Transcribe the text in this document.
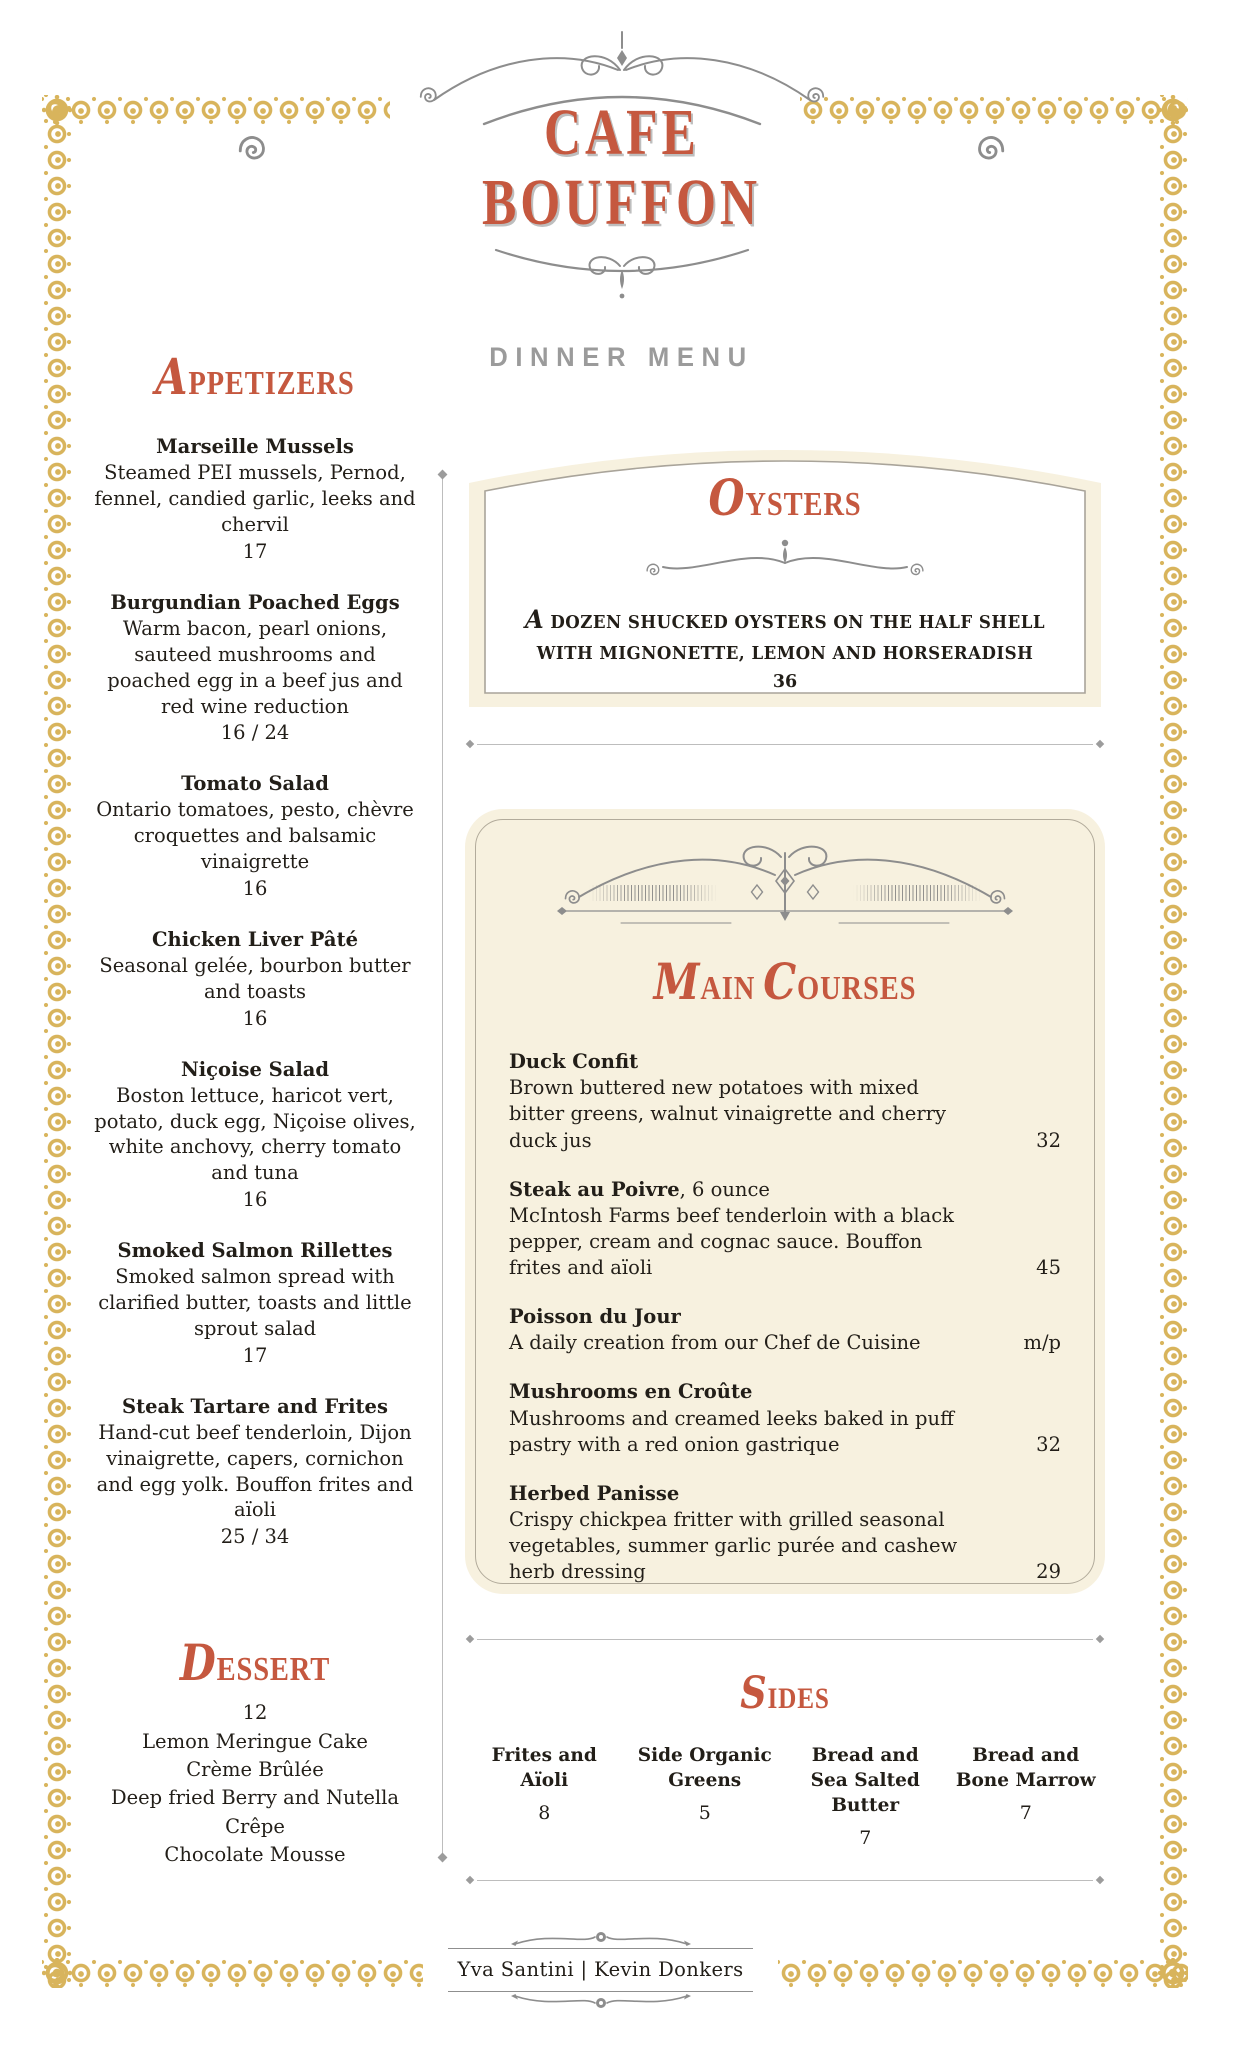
CAFE
BOUFFON
DINNER MENU
APPETIZERS
Marseille Mussels
Steamed PEI mussels, Pernod, fennel, candied garlic, leeks and chervil
17
Burgundian Poached Eggs
Warm bacon, pearl onions, sauteed mushrooms and poached egg in a beef jus and red wine reduction
16 / 24
Tomato Salad
Ontario tomatoes, pesto, chèvre croquettes and balsamic vinaigrette
16
Chicken Liver Pâté
Seasonal gelée, bourbon butter and toasts
16
Niçoise Salad
Boston lettuce, haricot vert, potato, duck egg, Niçoise olives, white anchovy, cherry tomato and tuna
16
Smoked Salmon Rillettes
Smoked salmon spread with clarified butter, toasts and little sprout salad
17
Steak Tartare and Frites
Hand-cut beef tenderloin, Dijon vinaigrette, capers, cornichon and egg yolk. Bouffon frites and aïoli
25 / 34
DESSERT
12
Lemon Meringue Cake
Crème Brûlée
Deep fried Berry and Nutella Crêpe
Chocolate Mousse
OYSTERS
A DOZEN SHUCKED OYSTERS ON THE HALF SHELL
WITH MIGNONETTE, LEMON AND HORSERADISH
36
MAIN COURSES
Duck Confit
Brown buttered new potatoes with mixed bitter greens, walnut vinaigrette and cherry duck jus	32
Steak au Poivre, 6 ounce
McIntosh Farms beef tenderloin with a black pepper, cream and cognac sauce. Bouffon frites and aïoli	45
Poisson du Jour
A daily creation from our Chef de Cuisine	m/p
Mushrooms en Croûte
Mushrooms and creamed leeks baked in puff pastry with a red onion gastrique	32
Herbed Panisse
Crispy chickpea fritter with grilled seasonal vegetables, summer garlic purée and cashew herb dressing	29
SIDES
Frites and Aïoli
8
Side Organic Greens
5
Bread and Sea Salted Butter
7
Bread and Bone Marrow
7
Yva Santini | Kevin Donkers
